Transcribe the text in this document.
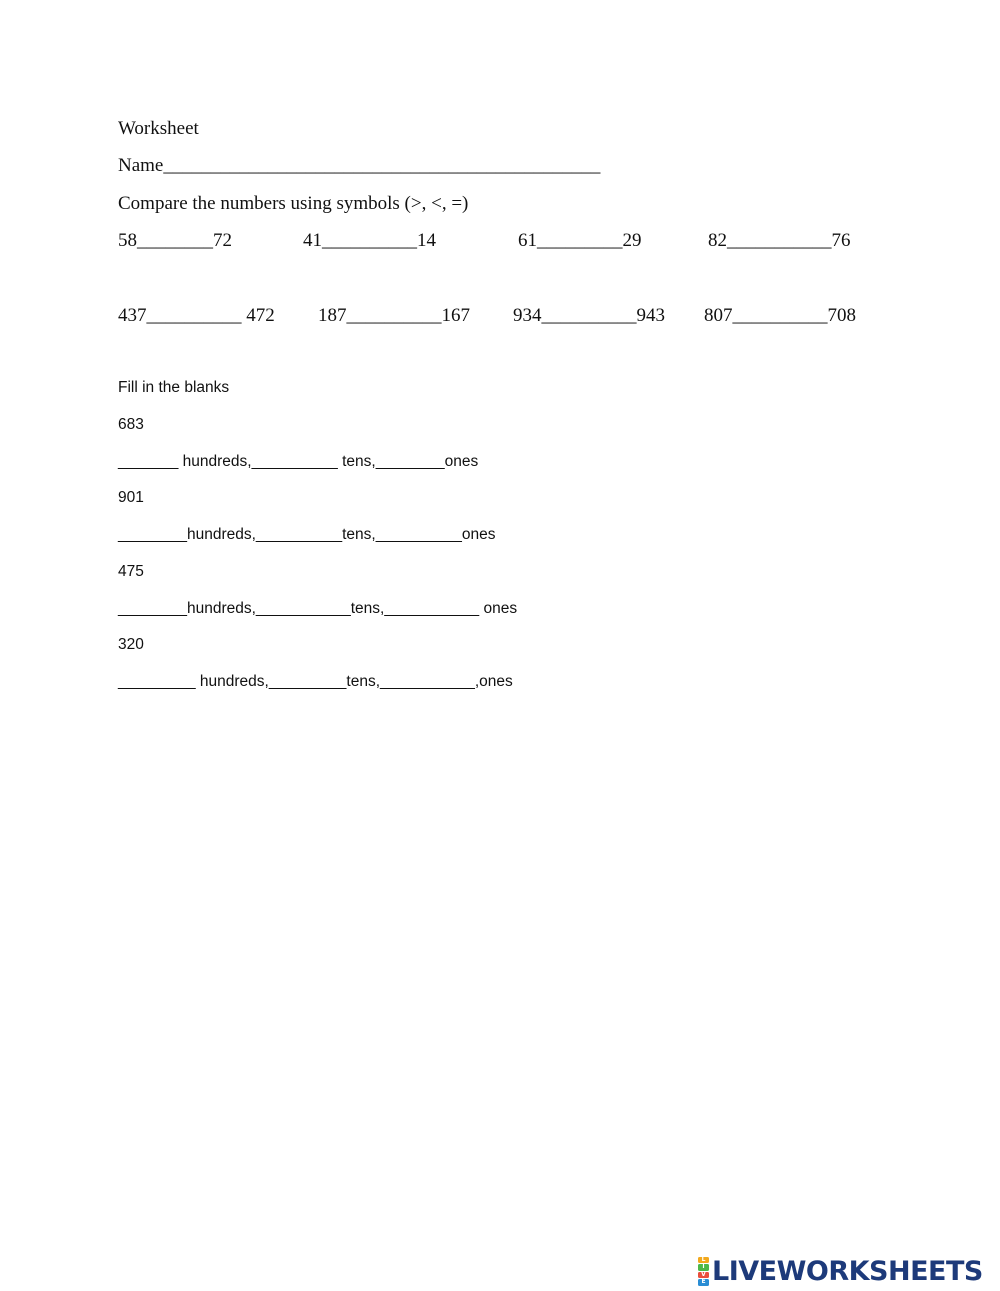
Worksheet
Name______________________________________________
Compare the numbers using symbols (>, <, =)
58________72	41__________14	61_________29	82___________76
437__________ 472 187__________167 934__________943 807__________708
Fill in the blanks
683
_______ hundreds,__________ tens,________ones
901
________hundreds,__________tens,__________ones
475
________hundreds,___________tens,___________ ones
320
_________ hundreds,_________tens,___________,ones
L
I
V
E LIVEWORKSHEETS
